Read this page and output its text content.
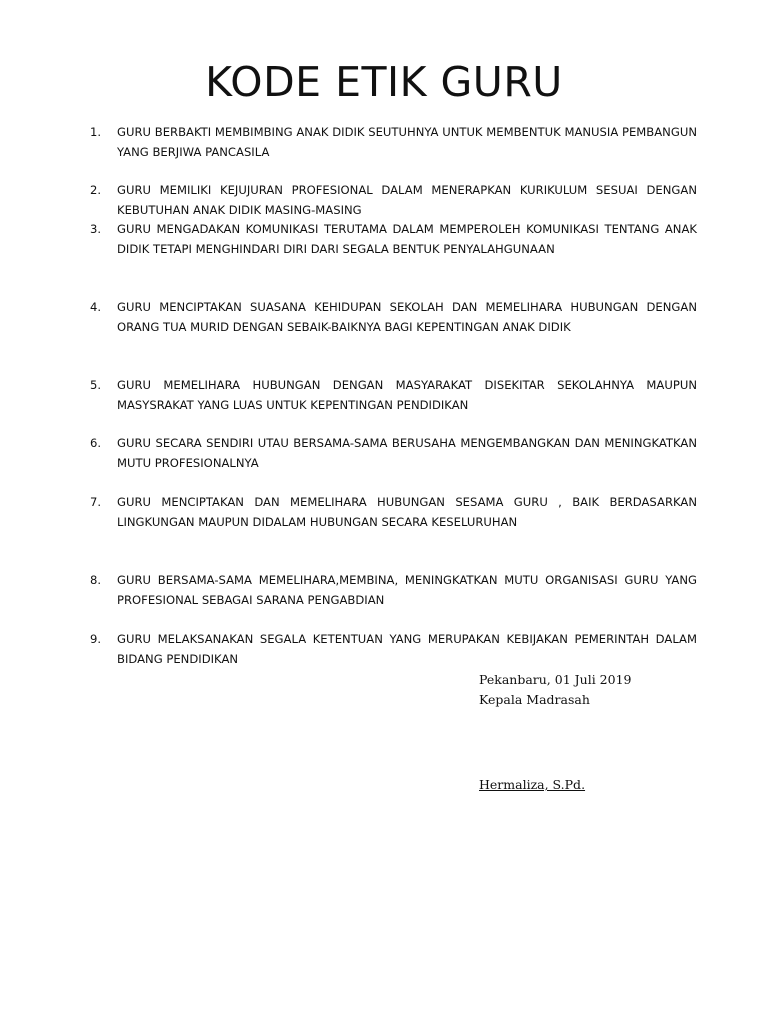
KODE ETIK GURU
1.	GURU BERBAKTI MEMBIMBING ANAK DIDIK SEUTUHNYA UNTUK MEMBENTUK MANUSIA PEMBANGUN YANG BERJIWA PANCASILA
2.	GURU MEMILIKI KEJUJURAN PROFESIONAL DALAM MENERAPKAN KURIKULUM SESUAI DENGAN KEBUTUHAN ANAK DIDIK MASING-MASING
3.	GURU MENGADAKAN KOMUNIKASI TERUTAMA DALAM MEMPEROLEH KOMUNIKASI TENTANG ANAK DIDIK TETAPI MENGHINDARI DIRI DARI SEGALA BENTUK PENYALAHGUNAAN
4.	GURU MENCIPTAKAN SUASANA KEHIDUPAN SEKOLAH DAN MEMELIHARA HUBUNGAN DENGAN ORANG TUA MURID DENGAN SEBAIK-BAIKNYA BAGI KEPENTINGAN ANAK DIDIK
5.	GURU MEMELIHARA HUBUNGAN DENGAN MASYARAKAT DISEKITAR SEKOLAHNYA MAUPUN MASYSRAKAT YANG LUAS UNTUK KEPENTINGAN PENDIDIKAN
6.	GURU SECARA SENDIRI UTAU BERSAMA-SAMA BERUSAHA MENGEMBANGKAN DAN MENINGKATKAN MUTU PROFESIONALNYA
7.	GURU MENCIPTAKAN DAN MEMELIHARA HUBUNGAN SESAMA GURU , BAIK BERDASARKAN LINGKUNGAN MAUPUN DIDALAM HUBUNGAN SECARA KESELURUHAN
8.	GURU BERSAMA-SAMA MEMELIHARA,MEMBINA, MENINGKATKAN MUTU ORGANISASI GURU YANG PROFESIONAL SEBAGAI SARANA PENGABDIAN
9.	GURU MELAKSANAKAN SEGALA KETENTUAN YANG MERUPAKAN KEBIJAKAN PEMERINTAH DALAM BIDANG PENDIDIKAN
Pekanbaru, 01 Juli 2019
Kepala Madrasah
Hermaliza, S.Pd.
